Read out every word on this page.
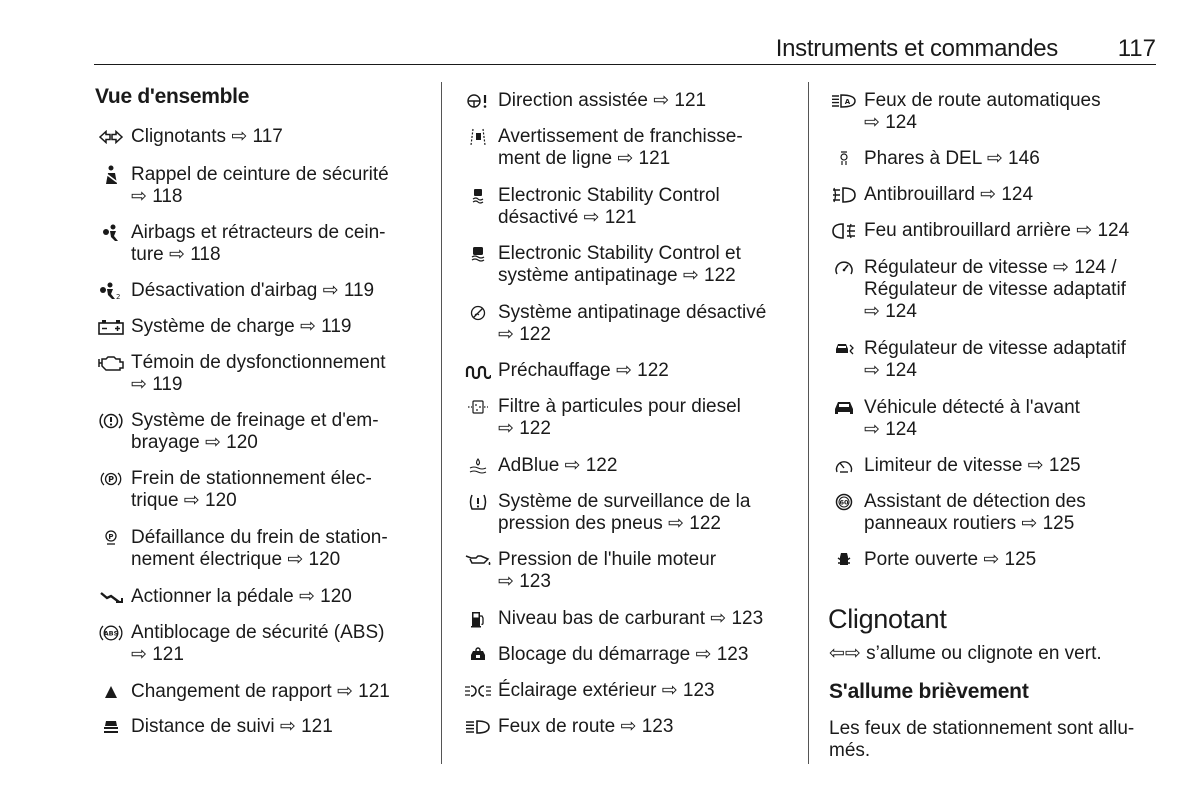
Instruments et commandes 117
Vue d'ensemble
Clignotants ⇨ 117
Rappel de ceinture de sécurité
⇨ 118
Airbags et rétracteurs de cein-
ture ⇨ 118
2 Désactivation d'airbag ⇨ 119
Système de charge ⇨ 119
Témoin de dysfonctionnement
⇨ 119
Système de freinage et d'em-
brayage ⇨ 120
P Frein de stationnement élec-
trique ⇨ 120
P Défaillance du frein de station-
nement électrique ⇨ 120
Actionner la pédale ⇨ 120
ABS Antiblocage de sécurité (ABS)
⇨ 121
Changement de rapport ⇨ 121
Distance de suivi ⇨ 121
Direction assistée ⇨ 121
Avertissement de franchisse-
ment de ligne ⇨ 121
Electronic Stability Control
désactivé ⇨ 121
Electronic Stability Control et
système antipatinage ⇨ 122
Système antipatinage désactivé
⇨ 122
Préchauffage ⇨ 122
Filtre à particules pour diesel
⇨ 122
AdBlue ⇨ 122
Système de surveillance de la
pression des pneus ⇨ 122
Pression de l'huile moteur
⇨ 123
Niveau bas de carburant ⇨ 123
Blocage du démarrage ⇨ 123
Éclairage extérieur ⇨ 123
Feux de route ⇨ 123
A Feux de route automatiques
⇨ 124
Phares à DEL ⇨ 146
Antibrouillard ⇨ 124
Feu antibrouillard arrière ⇨ 124
Régulateur de vitesse ⇨ 124 /
Régulateur de vitesse adaptatif
⇨ 124
Régulateur de vitesse adaptatif
⇨ 124
Véhicule détecté à l'avant
⇨ 124
Limiteur de vitesse ⇨ 125
60 Assistant de détection des
panneaux routiers ⇨ 125
Porte ouverte ⇨ 125
Clignotant
⇦⇨ s’allume ou clignote en vert.
S'allume brièvement
Les feux de stationnement sont allu-
més.
